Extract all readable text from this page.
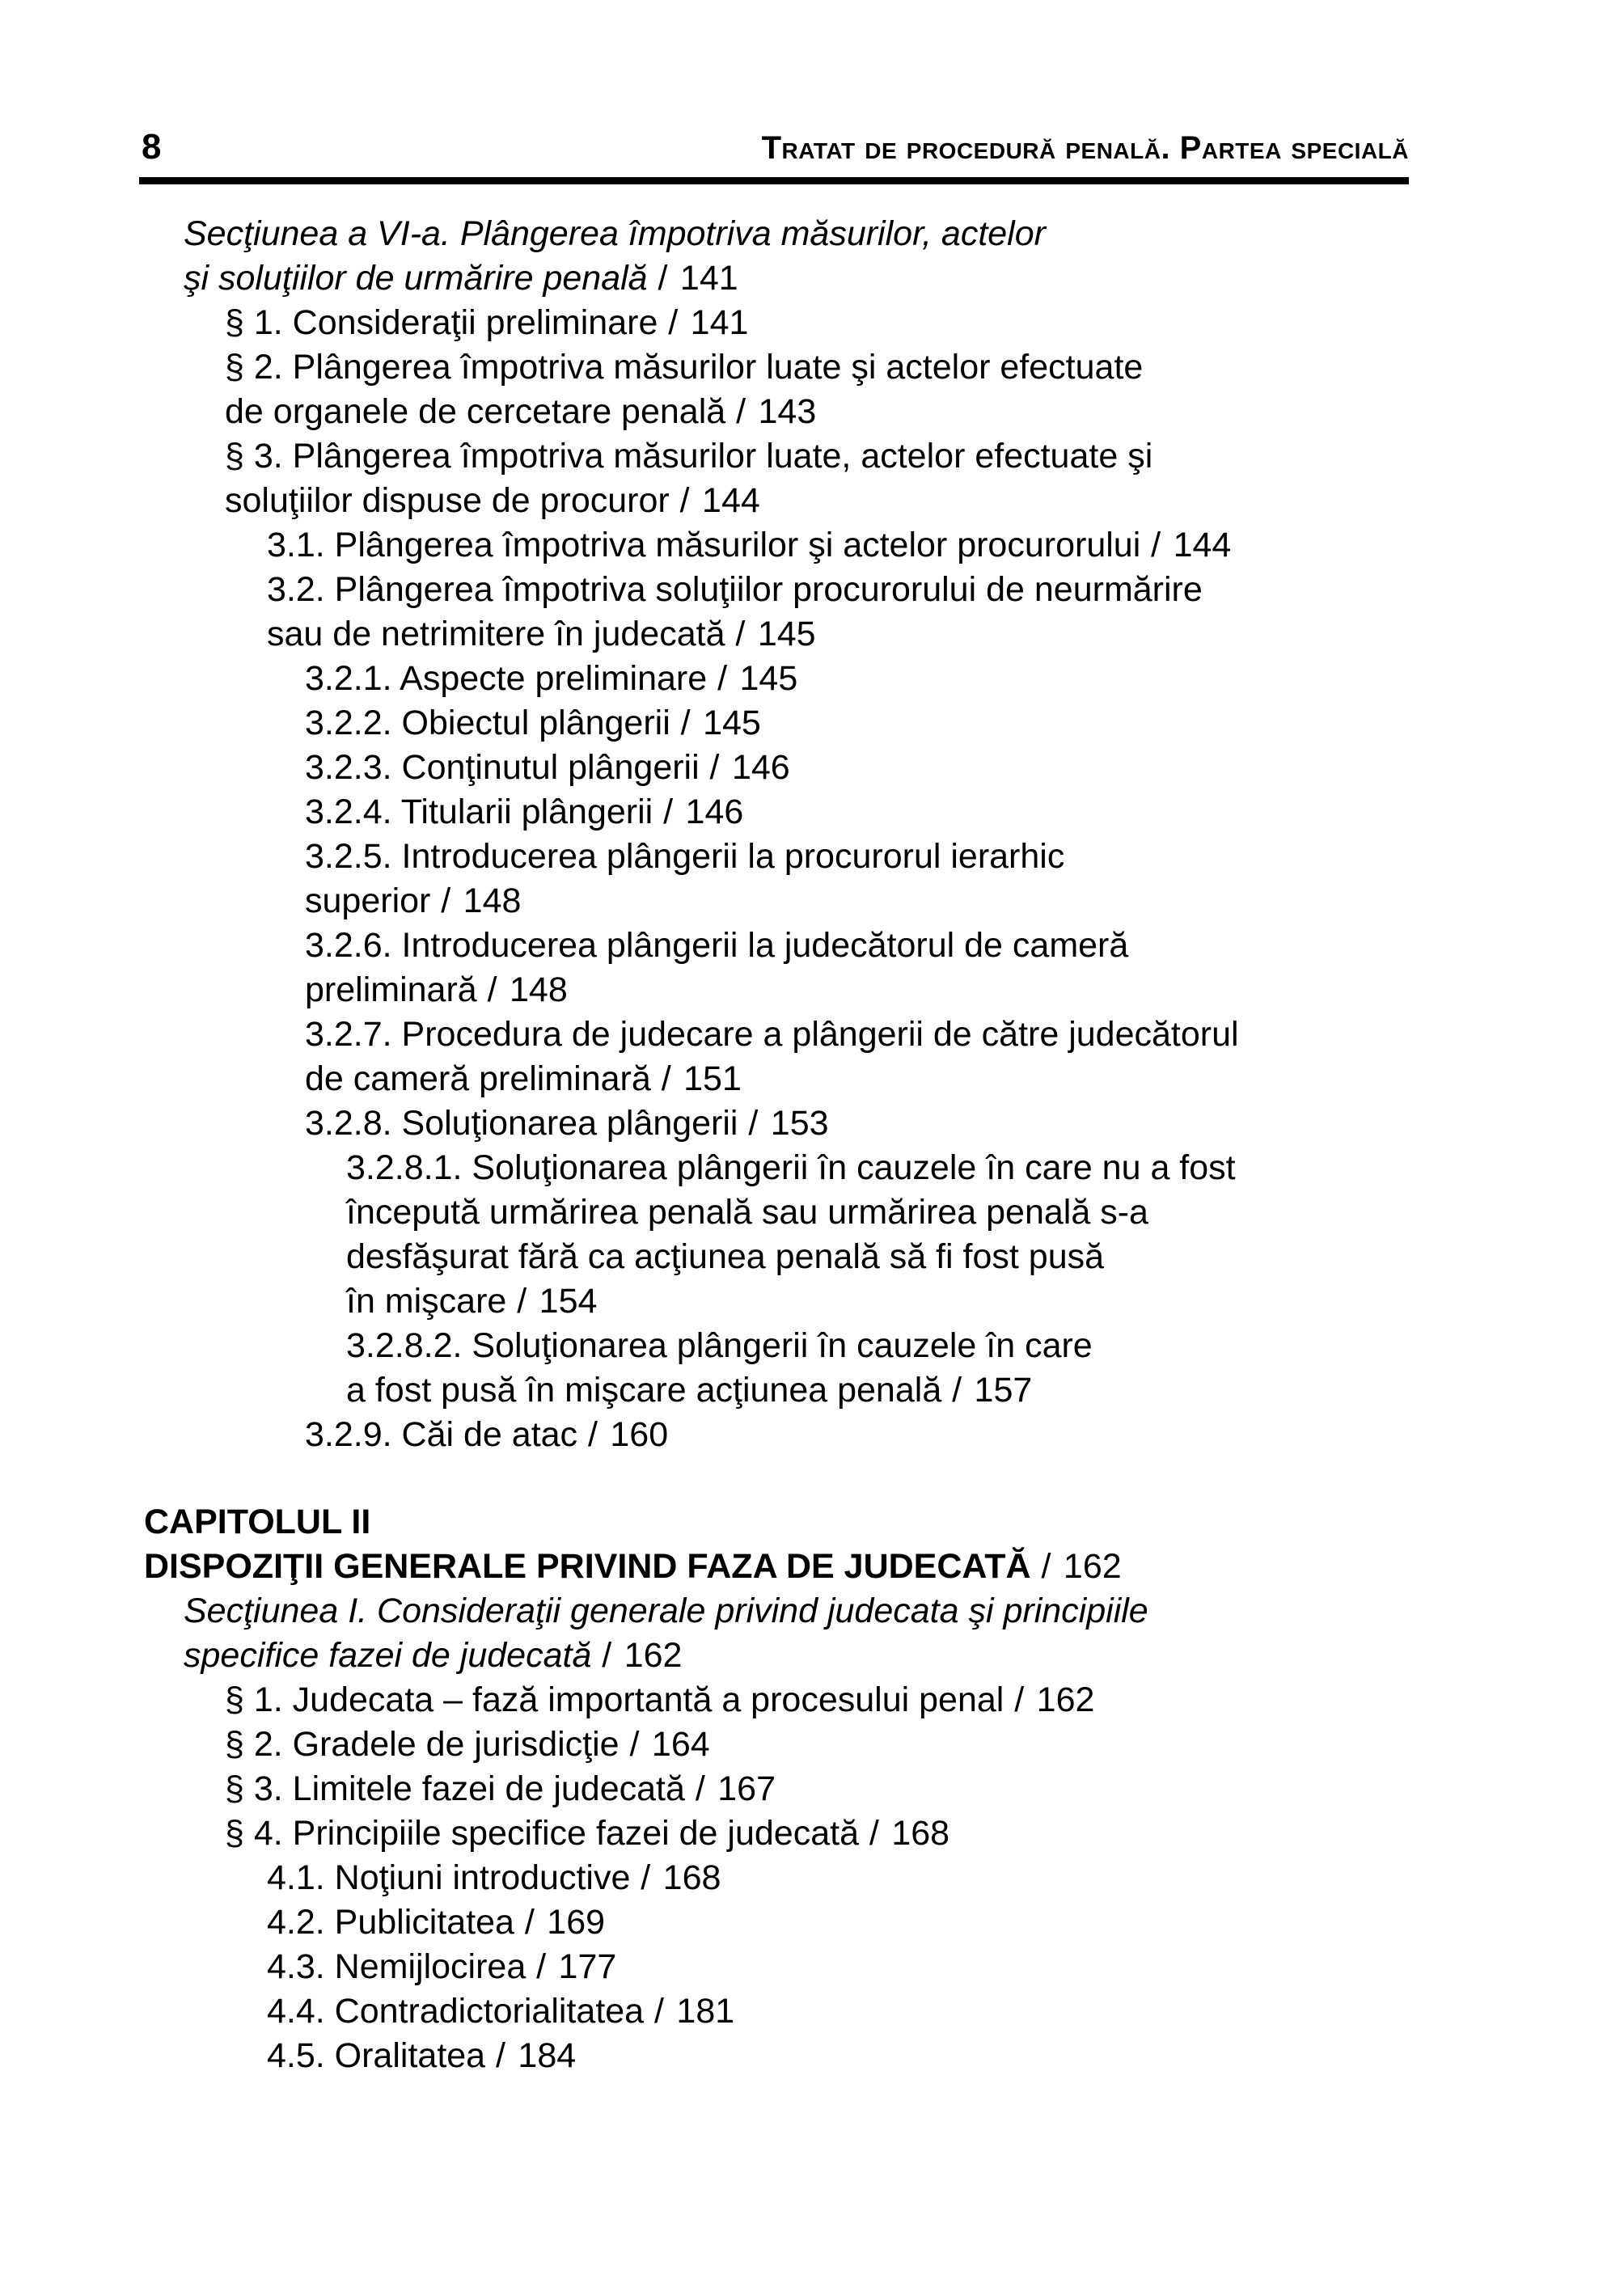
8	Tratat de procedură penală. Partea specială
Secţiunea a VI-a. Plângerea împotriva măsurilor, actelor
şi soluţiilor de urmărire penală / 141
§ 1. Consideraţii preliminare / 141
§ 2. Plângerea împotriva măsurilor luate şi actelor efectuate
de organele de cercetare penală / 143
§ 3. Plângerea împotriva măsurilor luate, actelor efectuate şi
soluţiilor dispuse de procuror / 144
3.1. Plângerea împotriva măsurilor şi actelor procurorului / 144
3.2. Plângerea împotriva soluţiilor procurorului de neurmărire
sau de netrimitere în judecată / 145
3.2.1. Aspecte preliminare / 145
3.2.2. Obiectul plângerii / 145
3.2.3. Conţinutul plângerii / 146
3.2.4. Titularii plângerii / 146
3.2.5. Introducerea plângerii la procurorul ierarhic
superior / 148
3.2.6. Introducerea plângerii la judecătorul de cameră
preliminară / 148
3.2.7. Procedura de judecare a plângerii de către judecătorul
de cameră preliminară / 151
3.2.8. Soluţionarea plângerii / 153
3.2.8.1. Soluţionarea plângerii în cauzele în care nu a fost
începută urmărirea penală sau urmărirea penală s-a
desfăşurat fără ca acţiunea penală să fi fost pusă
în mişcare / 154
3.2.8.2. Soluţionarea plângerii în cauzele în care
a fost pusă în mişcare acţiunea penală / 157
3.2.9. Căi de atac / 160
CAPITOLUL II
DISPOZIŢII GENERALE PRIVIND FAZA DE JUDECATĂ / 162
Secţiunea I. Consideraţii generale privind judecata şi principiile
specifice fazei de judecată / 162
§ 1. Judecata – fază importantă a procesului penal / 162
§ 2. Gradele de jurisdicţie / 164
§ 3. Limitele fazei de judecată / 167
§ 4. Principiile specifice fazei de judecată / 168
4.1. Noţiuni introductive / 168
4.2. Publicitatea / 169
4.3. Nemijlocirea / 177
4.4. Contradictorialitatea / 181
4.5. Oralitatea / 184
